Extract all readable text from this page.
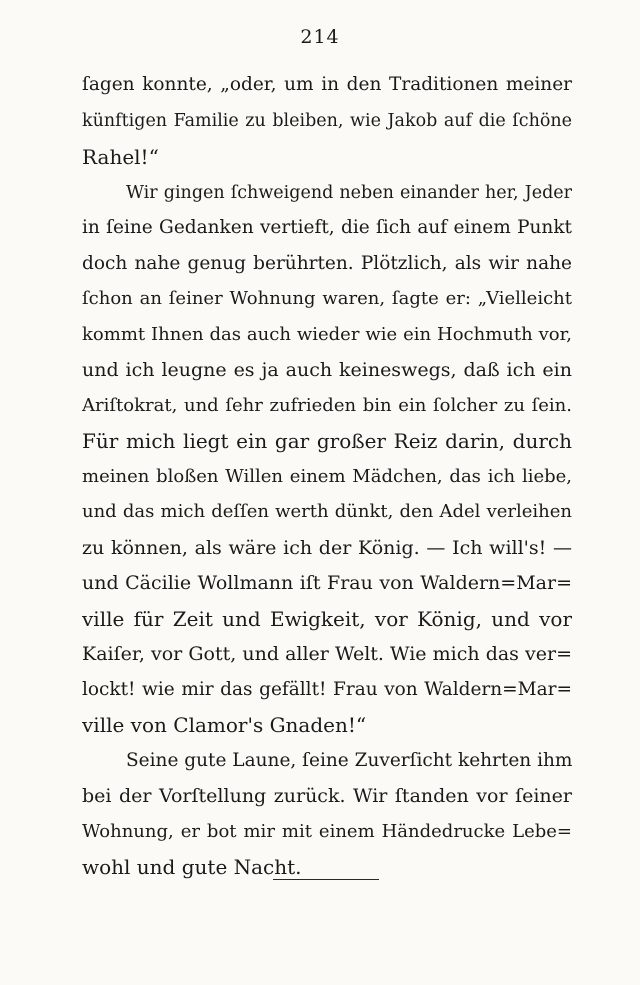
214
ſagen konnte, „oder, um in den Traditionen meiner
künftigen Familie zu bleiben, wie Jakob auf die ſchöne
Rahel!“
Wir gingen ſchweigend neben einander her, Jeder
in ſeine Gedanken vertieft, die ſich auf einem Punkt
doch nahe genug berührten. Plötzlich, als wir nahe
ſchon an ſeiner Wohnung waren, ſagte er: „Vielleicht
kommt Ihnen das auch wieder wie ein Hochmuth vor,
und ich leugne es ja auch keineswegs, daß ich ein
Ariſtokrat, und ſehr zufrieden bin ein ſolcher zu ſein.
Für mich liegt ein gar großer Reiz darin, durch
meinen bloßen Willen einem Mädchen, das ich liebe,
und das mich deſſen werth dünkt, den Adel verleihen
zu können, als wäre ich der König. — Ich will's! —
und Cäcilie Wollmann iſt Frau von Waldern=Mar=
ville für Zeit und Ewigkeit, vor König, und vor
Kaiſer, vor Gott, und aller Welt. Wie mich das ver=
lockt! wie mir das gefällt! Frau von Waldern=Mar=
ville von Clamor's Gnaden!“
Seine gute Laune, ſeine Zuverſicht kehrten ihm
bei der Vorſtellung zurück. Wir ſtanden vor ſeiner
Wohnung, er bot mir mit einem Händedrucke Lebe=
wohl und gute Nacht.
